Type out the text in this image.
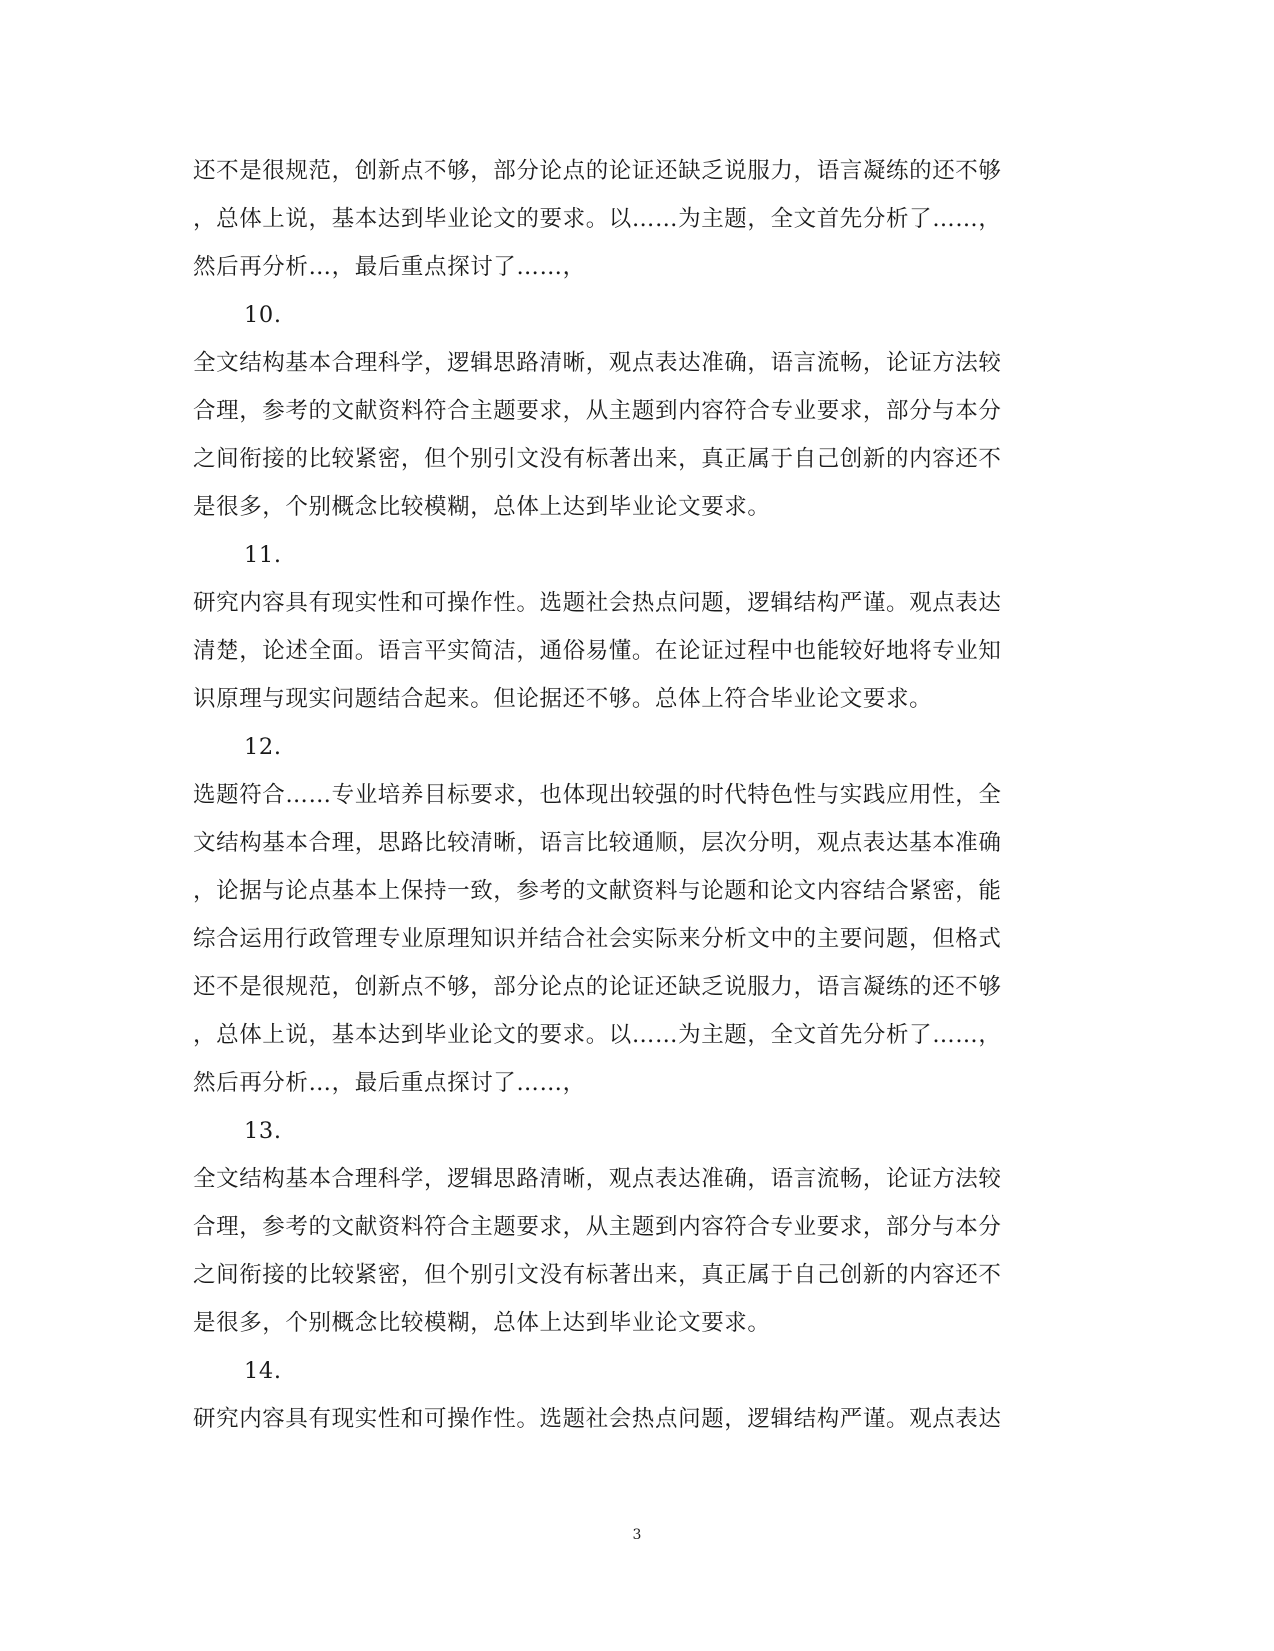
还不是很规范，创新点不够，部分论点的论证还缺乏说服力，语言凝练的还不够
，总体上说，基本达到毕业论文的要求。以……为主题，全文首先分析了……，
然后再分析…，最后重点探讨了……，
10.
全文结构基本合理科学，逻辑思路清晰，观点表达准确，语言流畅，论证方法较
合理，参考的文献资料符合主题要求，从主题到内容符合专业要求，部分与本分
之间衔接的比较紧密，但个别引文没有标著出来，真正属于自己创新的内容还不
是很多，个别概念比较模糊，总体上达到毕业论文要求。
11.
研究内容具有现实性和可操作性。选题社会热点问题，逻辑结构严谨。观点表达
清楚，论述全面。语言平实简洁，通俗易懂。在论证过程中也能较好地将专业知
识原理与现实问题结合起来。但论据还不够。总体上符合毕业论文要求。
12.
选题符合……专业培养目标要求，也体现出较强的时代特色性与实践应用性，全
文结构基本合理，思路比较清晰，语言比较通顺，层次分明，观点表达基本准确
，论据与论点基本上保持一致，参考的文献资料与论题和论文内容结合紧密，能
综合运用行政管理专业原理知识并结合社会实际来分析文中的主要问题，但格式
还不是很规范，创新点不够，部分论点的论证还缺乏说服力，语言凝练的还不够
，总体上说，基本达到毕业论文的要求。以……为主题，全文首先分析了……，
然后再分析…，最后重点探讨了……，
13.
全文结构基本合理科学，逻辑思路清晰，观点表达准确，语言流畅，论证方法较
合理，参考的文献资料符合主题要求，从主题到内容符合专业要求，部分与本分
之间衔接的比较紧密，但个别引文没有标著出来，真正属于自己创新的内容还不
是很多，个别概念比较模糊，总体上达到毕业论文要求。
14.
研究内容具有现实性和可操作性。选题社会热点问题，逻辑结构严谨。观点表达
3
